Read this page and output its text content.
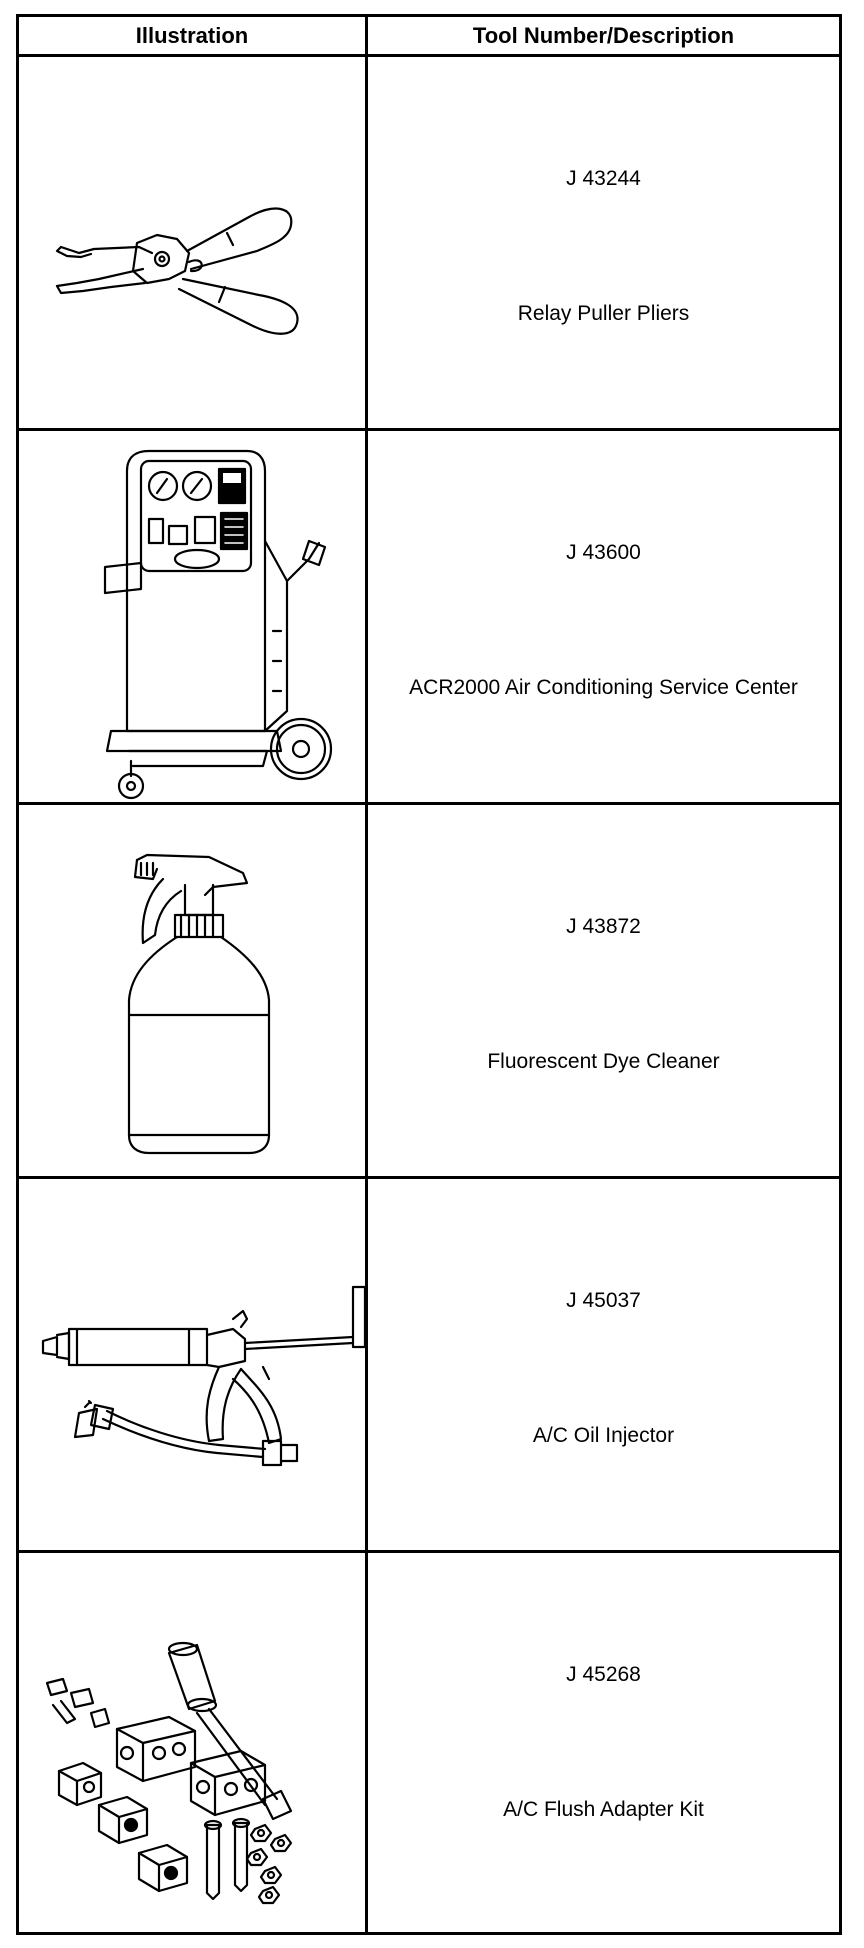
Illustration	Tool Number/Description
J 43244
Relay Puller Pliers
J 43600
ACR2000 Air Conditioning Service Center
J 43872
Fluorescent Dye Cleaner
J 45037
A/C Oil Injector
J 45268
A/C Flush Adapter Kit
